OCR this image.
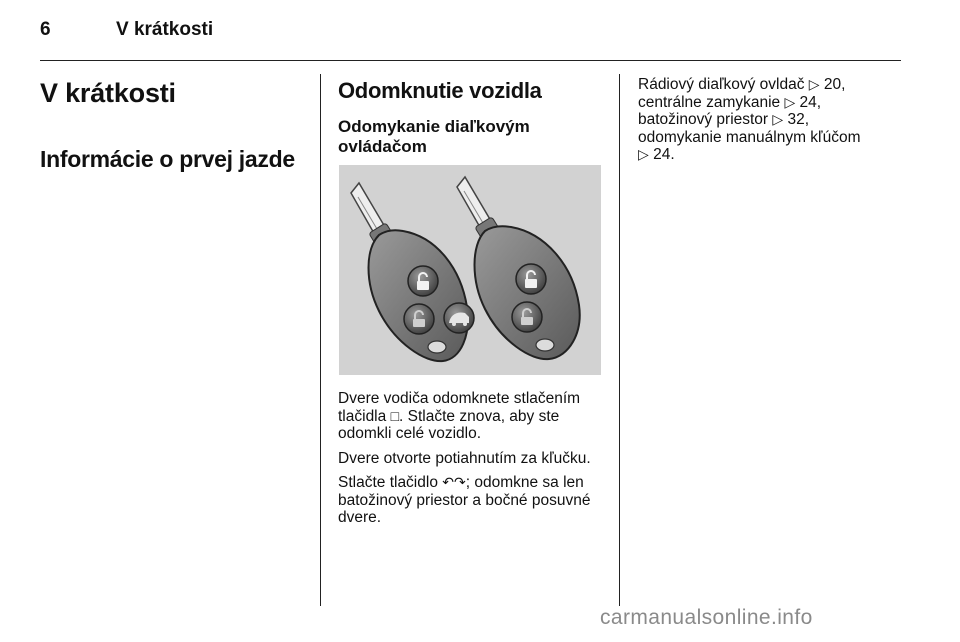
6	V krátkosti
V krátkosti
Informácie o prvej jazde
Odomknutie vozidla
Odomykanie diaľkovým ovládačom
Dvere vodiča odomknete stlačením tlačidla □. Stlačte znova, aby ste odomkli celé vozidlo.
Dvere otvorte potiahnutím za kľučku.
Stlačte tlačidlo ↶↷; odomkne sa len batožinový priestor a bočné posuvné dvere.
Rádiový diaľkový ovldač ▷ 20,
centrálne zamykanie ▷ 24,
batožinový priestor ▷ 32,
odomykanie manuálnym kľúčom
▷ 24.
carmanualsonline.info
